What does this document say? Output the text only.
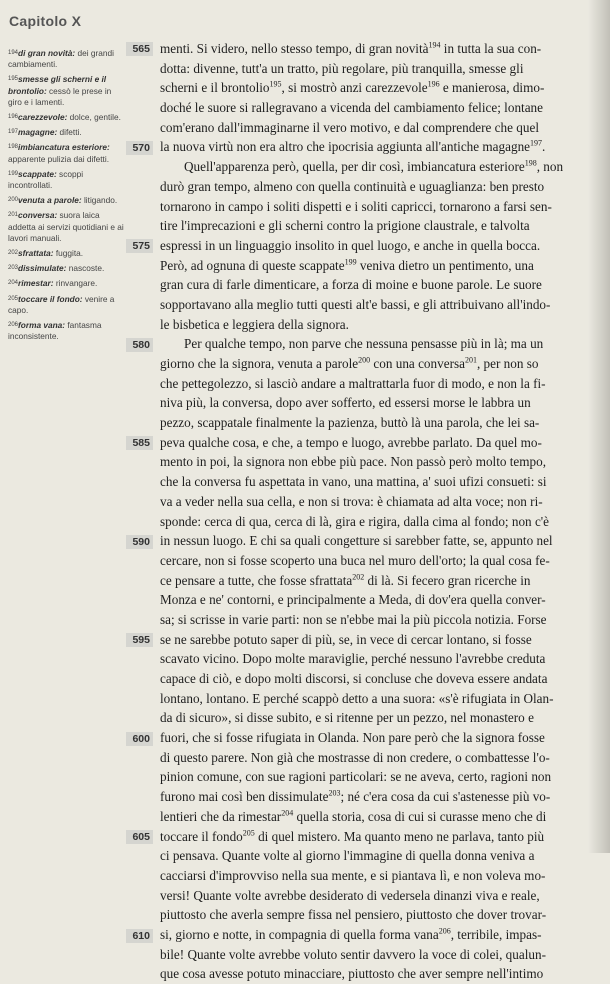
Capitolo X

$^{194}$di gran novità: dei grandi cambiamenti.

$^{195}$smesse gli scherni e il brontolio: cessò le prese in giro e i lamenti.

$^{196}$carezzevole: dolce, gentile.

$^{197}$magagne: difetti.

$^{198}$imbiancatura esteriore: apparente pulizia dai difetti.

$^{199}$scappate: scoppi incontrollati.

$^{200}$venuta a parole: litigando.

$^{201}$conversa: suora laica addetta ai servizi quotidiani e ai lavori manuali.

$^{202}$sfrattata: fuggita.

$^{203}$dissimulate: nascoste.

$^{204}$rimestar: rinvangare.

$^{205}$toccare il fondo: venire a capo.

$^{206}$forma vana: fantasma inconsistente.

565
570
575
580
585
590
595
600
605
610
menti. Si videro, nello stesso tempo, di gran novità$^{194}$ in tutta la sua con-
dotta: divenne, tutt'a un tratto, più regolare, più tranquilla, smesse gli
scherni e il brontolio$^{195}$, si mostrò anzi carezzevole$^{196}$ e manierosa, dimo-
doché le suore si rallegravano a vicenda del cambiamento felice; lontane
com'erano dall'immaginarne il vero motivo, e dal comprendere che quel
la nuova virtù non era altro che ipocrisia aggiunta all'antiche magagne$^{197}$.
Quell'apparenza però, quella, per dir così, imbiancatura esteriore$^{198}$, non
durò gran tempo, almeno con quella continuità e uguaglianza: ben presto
tornarono in campo i soliti dispetti e i soliti capricci, tornarono a farsi sen-
tire l'imprecazioni e gli scherni contro la prigione claustrale, e talvolta
espressi in un linguaggio insolito in quel luogo, e anche in quella bocca.
Però, ad ognuna di queste scappate$^{199}$ veniva dietro un pentimento, una
gran cura di farle dimenticare, a forza di moine e buone parole. Le suore
sopportavano alla meglio tutti questi alt'e bassi, e gli attribuivano all'indo-
le bisbetica e leggiera della signora.
Per qualche tempo, non parve che nessuna pensasse più in là; ma un
giorno che la signora, venuta a parole$^{200}$ con una conversa$^{201}$, per non so
che pettegolezzo, si lasciò andare a maltrattarla fuor di modo, e non la fi-
niva più, la conversa, dopo aver sofferto, ed essersi morse le labbra un
pezzo, scappatale finalmente la pazienza, buttò là una parola, che lei sa-
peva qualche cosa, e che, a tempo e luogo, avrebbe parlato. Da quel mo-
mento in poi, la signora non ebbe più pace. Non passò però molto tempo,
che la conversa fu aspettata in vano, una mattina, a' suoi ufizi consueti: si
va a veder nella sua cella, e non si trova: è chiamata ad alta voce; non ri-
sponde: cerca di qua, cerca di là, gira e rigira, dalla cima al fondo; non c'è
in nessun luogo. E chi sa quali congetture si sarebber fatte, se, appunto nel
cercare, non si fosse scoperto una buca nel muro dell'orto; la qual cosa fe-
ce pensare a tutte, che fosse sfrattata$^{202}$ di là. Si fecero gran ricerche in
Monza e ne' contorni, e principalmente a Meda, di dov'era quella conver-
sa; si scrisse in varie parti: non se n'ebbe mai la più piccola notizia. Forse
se ne sarebbe potuto saper di più, se, in vece di cercar lontano, si fosse
scavato vicino. Dopo molte maraviglie, perché nessuno l'avrebbe creduta
capace di ciò, e dopo molti discorsi, si concluse che doveva essere andata
lontano, lontano. E perché scappò detto a una suora: «s'è rifugiata in Olan-
da di sicuro», si disse subito, e si ritenne per un pezzo, nel monastero e
fuori, che si fosse rifugiata in Olanda. Non pare però che la signora fosse
di questo parere. Non già che mostrasse di non credere, o combattesse l'o-
pinion comune, con sue ragioni particolari: se ne aveva, certo, ragioni non
furono mai così ben dissimulate$^{203}$; né c'era cosa da cui s'astenesse più vo-
lentieri che da rimestar$^{204}$ quella storia, cosa di cui si curasse meno che di
toccare il fondo$^{205}$ di quel mistero. Ma quanto meno ne parlava, tanto più
ci pensava. Quante volte al giorno l'immagine di quella donna veniva a
cacciarsi d'improvviso nella sua mente, e si piantava lì, e non voleva mo-
versi! Quante volte avrebbe desiderato di vedersela dinanzi viva e reale,
piuttosto che averla sempre fissa nel pensiero, piuttosto che dover trovar-
si, giorno e notte, in compagnia di quella forma vana$^{206}$, terribile, impas-
bile! Quante volte avrebbe voluto sentir davvero la voce di colei, qualun-
que cosa avesse potuto minacciare, piuttosto che aver sempre nell'intimo
